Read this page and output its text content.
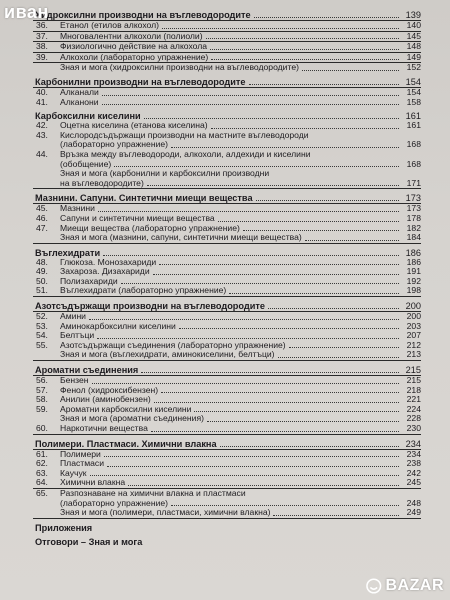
Хидроксилни производни на въглеводородите	139
36.	Етанол (етилов алкохол)	140
37.	Многовалентни алкохоли (полиоли)	145
38.	Физиологично действие на алкохола	148
39.	Алкохоли (лабораторно упражнение)	149
Зная и мога (хидроксилни производни на въглеводородите)	152
Карбонилни производни на въглеводородите	154
40.	Алканали	154
41.	Алканони	158
Карбоксилни киселини	161
42.	Оцетна киселина (етанова киселина)	161
43.	Кислородсъдържащи производни на мастните въглеводороди
(лабораторно упражнение)	168
44.	Връзка между въглеводороди, алкохоли, алдехиди и киселини
(обобщение)	168
Зная и мога (карбонилни и карбоксилни производни
на въглеводородите)	171
Мазнини. Сапуни. Синтетични миещи вещества	173
45.	Мазнини	173
46.	Сапуни и синтетични миещи вещества	178
47.	Миещи вещества (лабораторно упражнение)	182
Зная и мога (мазнини, сапуни, синтетични миещи вещества)	184
Въглехидрати	186
48.	Глюкоза. Монозахариди	186
49.	Захароза. Дизахариди	191
50.	Полизахариди	192
51.	Въглехидрати (лабораторно упражнение)	198
Азотсъдържащи производни на въглеводородите	200
52.	Амини	200
53.	Аминокарбоксилни киселини	203
54.	Белтъци	207
55.	Азотсъдържащи съединения (лабораторно упражнение)	212
Зная и мога (въглехидрати, аминокиселини, белтъци)	213
Ароматни съединения	215
56.	Бензен	215
57.	Фенол (хидроксибензен)	218
58.	Анилин (аминобензен)	221
59.	Ароматни карбоксилни киселини	224
Зная и мога (ароматни съединения)	228
60.	Наркотични вещества	230
Полимери. Пластмаси. Химични влакна	234
61.	Полимери	234
62.	Пластмаси	238
63.	Каучук	242
64.	Химични влакна	245
65.	Разпознаване на химични влакна и пластмаси
(лабораторно упражнение)	248
Зная и мога (полимери, пластмаси, химични влакна)	249
Приложения
Отговори – Зная и мога
иван
BAZAR
